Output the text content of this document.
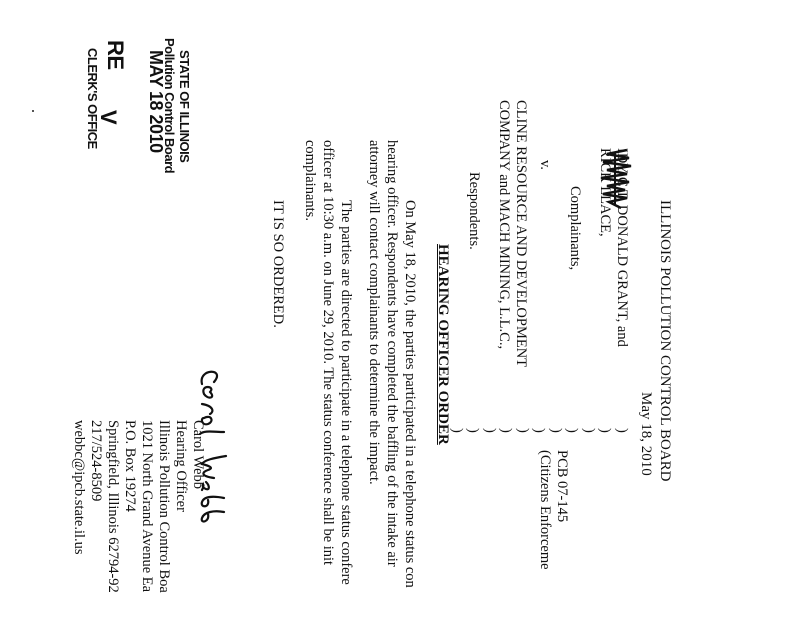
RE
V
CLERK'S OFFICE	MAY 18 2010 STATE OF ILLINOIS
Pollution Control Board
ILLINOIS POLLUTION CONTROL BOARD
May 18, 2010
IDY C T, DONALD GRANT, and
RICK LLACE,
Complainants,
v.
CLINE RESOURCE AND DEVELOPMENT
COMPANY and MACH MINING, L.L.C.,
Respondents.
)
)
)
)
)
)
)
)
)
)
)
PCB 07-145
(Citizens Enforceme
HEARING OFFICER ORDER
On May 18, 2010, the parties participated in a telephone status con
hearing officer. Respondents have completed the baffling of the intake air
attorney will contact complainants to determine the impact.
The parties are directed to participate in a telephone status confere
officer at 10:30 a.m. on June 29, 2010. The status conference shall be init
complainants.
IT IS SO ORDERED.
Carol Webb
Hearing Officer
Illinois Pollution Control Boa
1021 North Grand Avenue Ea
P.O. Box 19274
Springfield, Illinois 62794-92
217/524-8509
webbc@ipcb.state.il.us
